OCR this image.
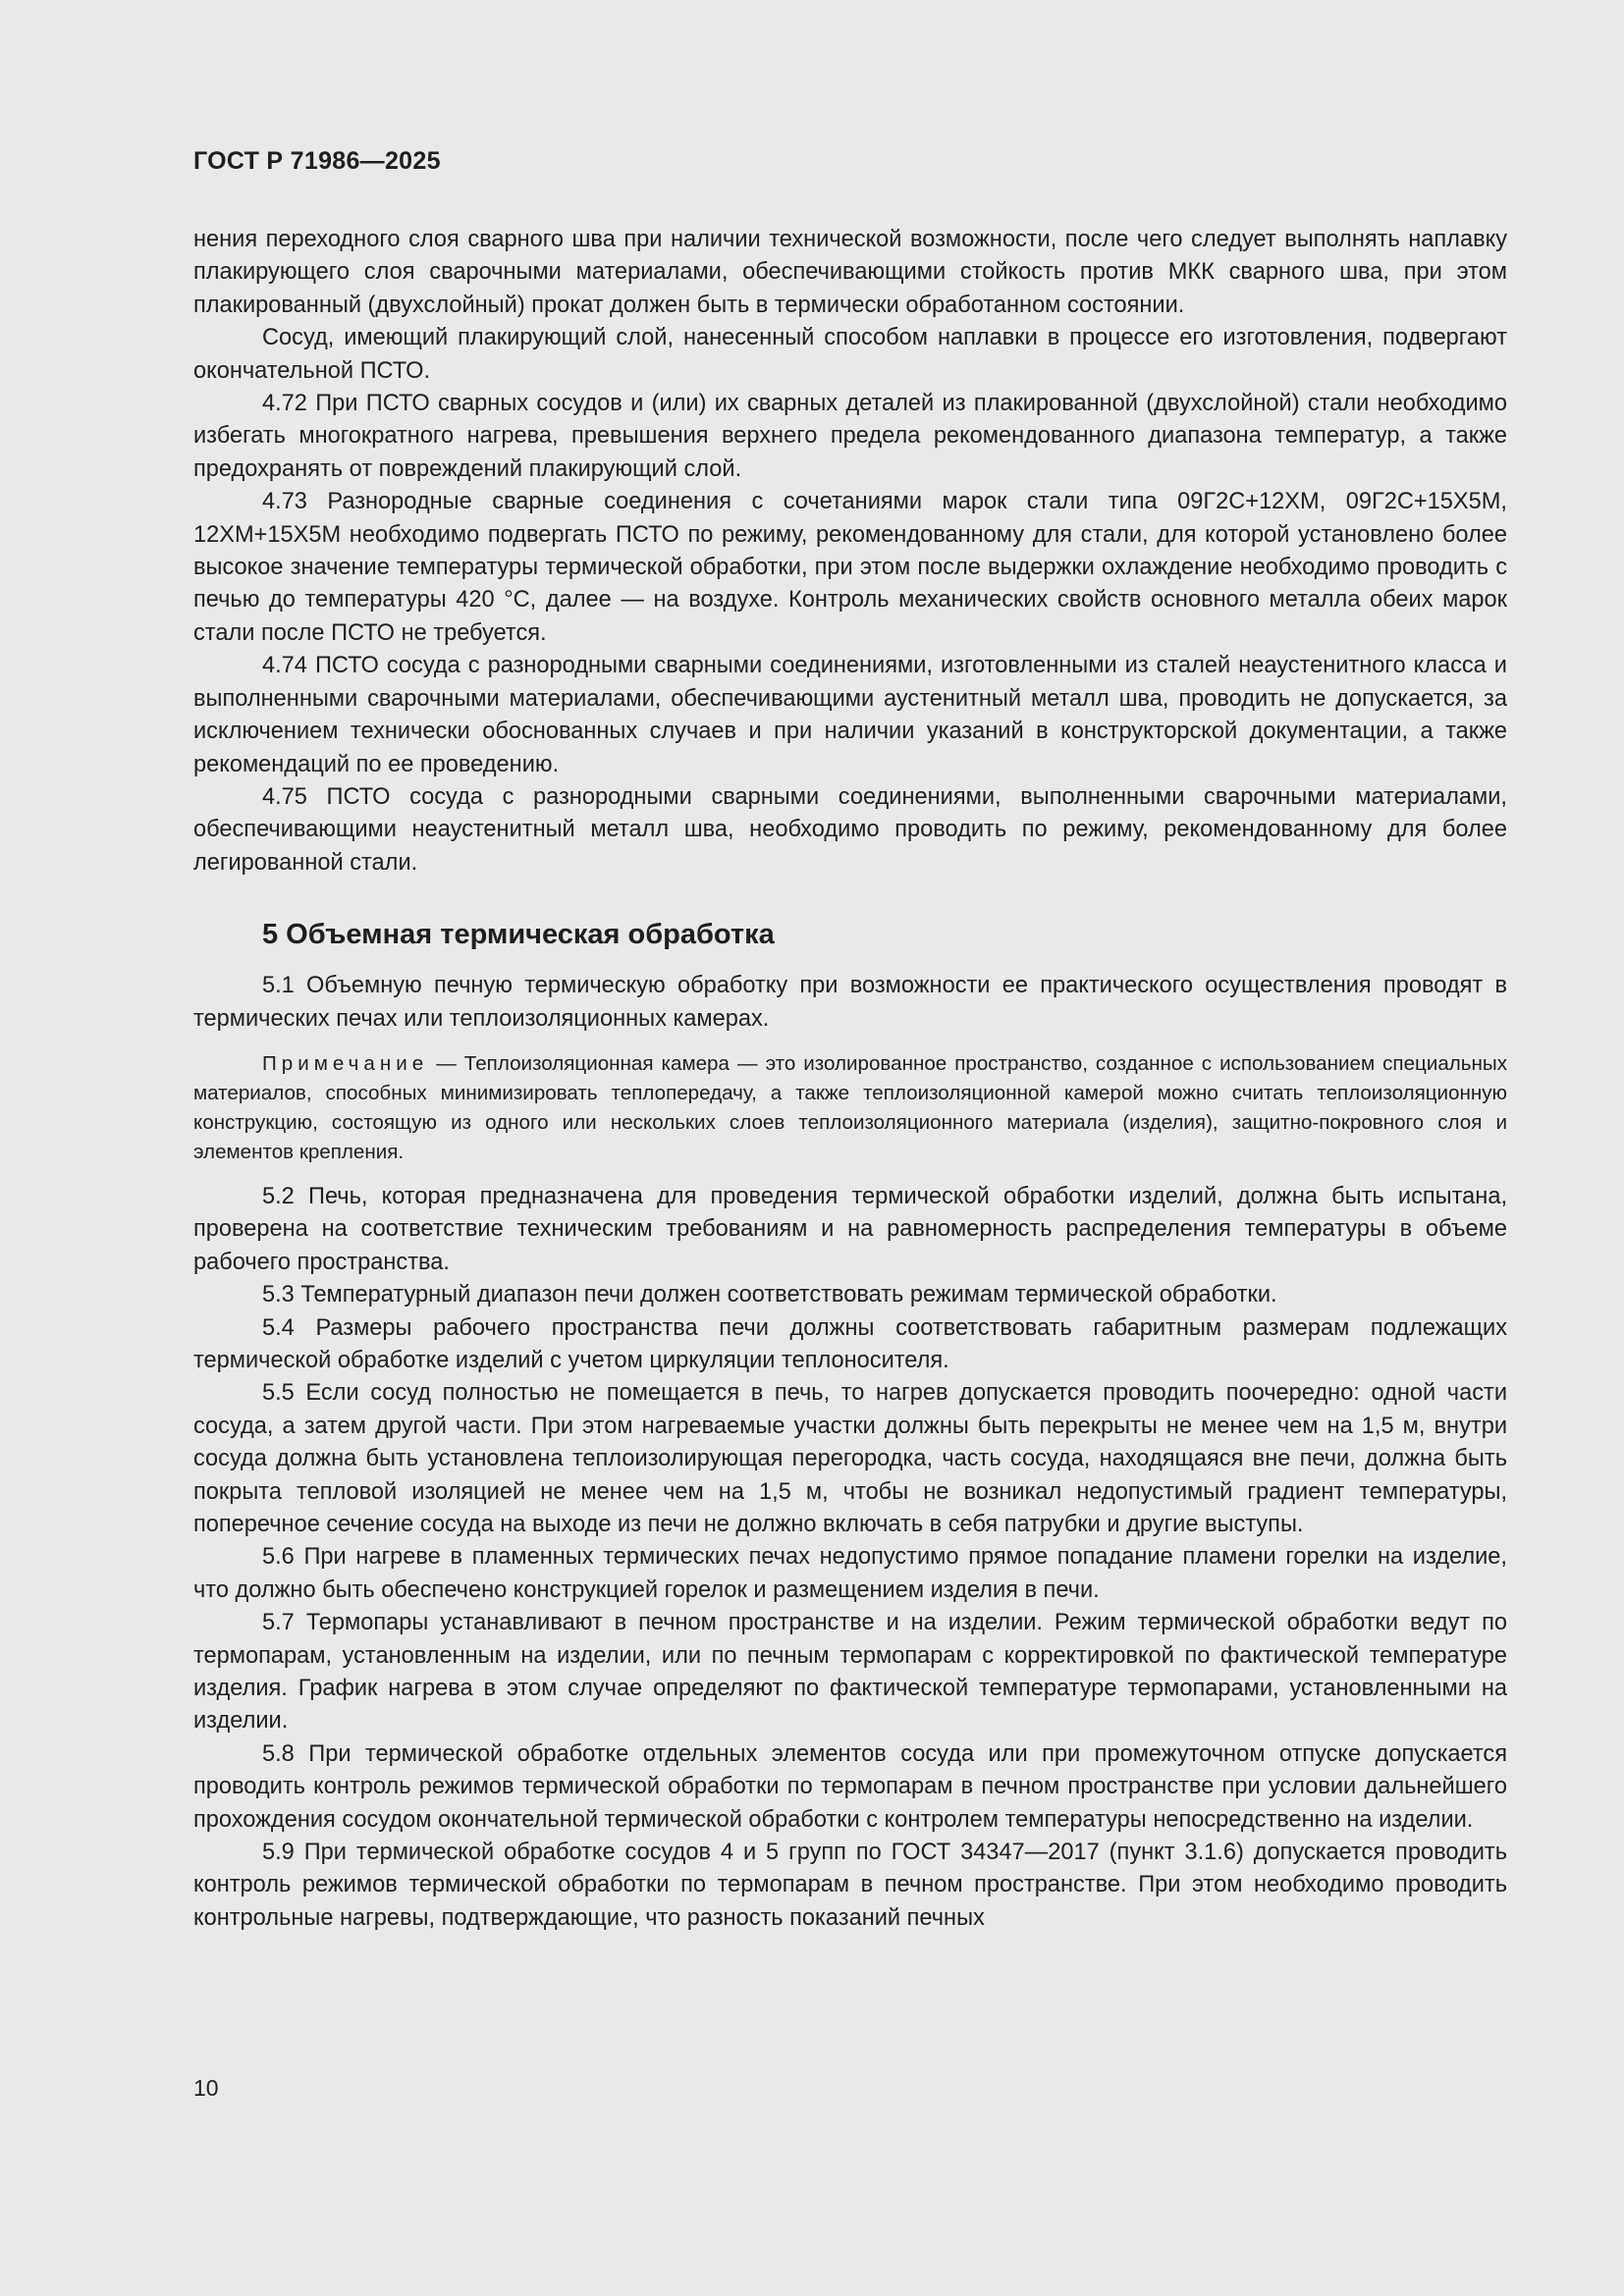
ГОСТ Р 71986—2025

нения переходного слоя сварного шва при наличии технической возможности, после чего следует выполнять наплавку плакирующего слоя сварочными материалами, обеспечивающими стойкость против МКК сварного шва, при этом плакированный (двухслойный) прокат должен быть в термически обработанном состоянии.

Сосуд, имеющий плакирующий слой, нанесенный способом наплавки в процессе его изготовления, подвергают окончательной ПСТО.

4.72 При ПСТО сварных сосудов и (или) их сварных деталей из плакированной (двухслойной) стали необходимо избегать многократного нагрева, превышения верхнего предела рекомендованного диапазона температур, а также предохранять от повреждений плакирующий слой.

4.73 Разнородные сварные соединения с сочетаниями марок стали типа 09Г2С+12ХМ, 09Г2С+15Х5М, 12ХМ+15Х5М необходимо подвергать ПСТО по режиму, рекомендованному для стали, для которой установлено более высокое значение температуры термической обработки, при этом после выдержки охлаждение необходимо проводить с печью до температуры 420 °С, далее — на воздухе. Контроль механических свойств основного металла обеих марок стали после ПСТО не требуется.

4.74 ПСТО сосуда с разнородными сварными соединениями, изготовленными из сталей неаустенитного класса и выполненными сварочными материалами, обеспечивающими аустенитный металл шва, проводить не допускается, за исключением технически обоснованных случаев и при наличии указаний в конструкторской документации, а также рекомендаций по ее проведению.

4.75 ПСТО сосуда с разнородными сварными соединениями, выполненными сварочными материалами, обеспечивающими неаустенитный металл шва, необходимо проводить по режиму, рекомендованному для более легированной стали.

5 Объемная термическая обработка

5.1 Объемную печную термическую обработку при возможности ее практического осуществления проводят в термических печах или теплоизоляционных камерах.

Примечание — Теплоизоляционная камера — это изолированное пространство, созданное с использованием специальных материалов, способных минимизировать теплопередачу, а также теплоизоляционной камерой можно считать теплоизоляционную конструкцию, состоящую из одного или нескольких слоев теплоизоляционного материала (изделия), защитно-покровного слоя и элементов крепления.

5.2 Печь, которая предназначена для проведения термической обработки изделий, должна быть испытана, проверена на соответствие техническим требованиям и на равномерность распределения температуры в объеме рабочего пространства.

5.3 Температурный диапазон печи должен соответствовать режимам термической обработки.

5.4 Размеры рабочего пространства печи должны соответствовать габаритным размерам подлежащих термической обработке изделий с учетом циркуляции теплоносителя.

5.5 Если сосуд полностью не помещается в печь, то нагрев допускается проводить поочередно: одной части сосуда, а затем другой части. При этом нагреваемые участки должны быть перекрыты не менее чем на 1,5 м, внутри сосуда должна быть установлена теплоизолирующая перегородка, часть сосуда, находящаяся вне печи, должна быть покрыта тепловой изоляцией не менее чем на 1,5 м, чтобы не возникал недопустимый градиент температуры, поперечное сечение сосуда на выходе из печи не должно включать в себя патрубки и другие выступы.

5.6 При нагреве в пламенных термических печах недопустимо прямое попадание пламени горелки на изделие, что должно быть обеспечено конструкцией горелок и размещением изделия в печи.

5.7 Термопары устанавливают в печном пространстве и на изделии. Режим термической обработки ведут по термопарам, установленным на изделии, или по печным термопарам с корректировкой по фактической температуре изделия. График нагрева в этом случае определяют по фактической температуре термопарами, установленными на изделии.

5.8 При термической обработке отдельных элементов сосуда или при промежуточном отпуске допускается проводить контроль режимов термической обработки по термопарам в печном пространстве при условии дальнейшего прохождения сосудом окончательной термической обработки с контролем температуры непосредственно на изделии.

5.9 При термической обработке сосудов 4 и 5 групп по ГОСТ 34347—2017 (пункт 3.1.6) допускается проводить контроль режимов термической обработки по термопарам в печном пространстве. При этом необходимо проводить контрольные нагревы, подтверждающие, что разность показаний печных

10
